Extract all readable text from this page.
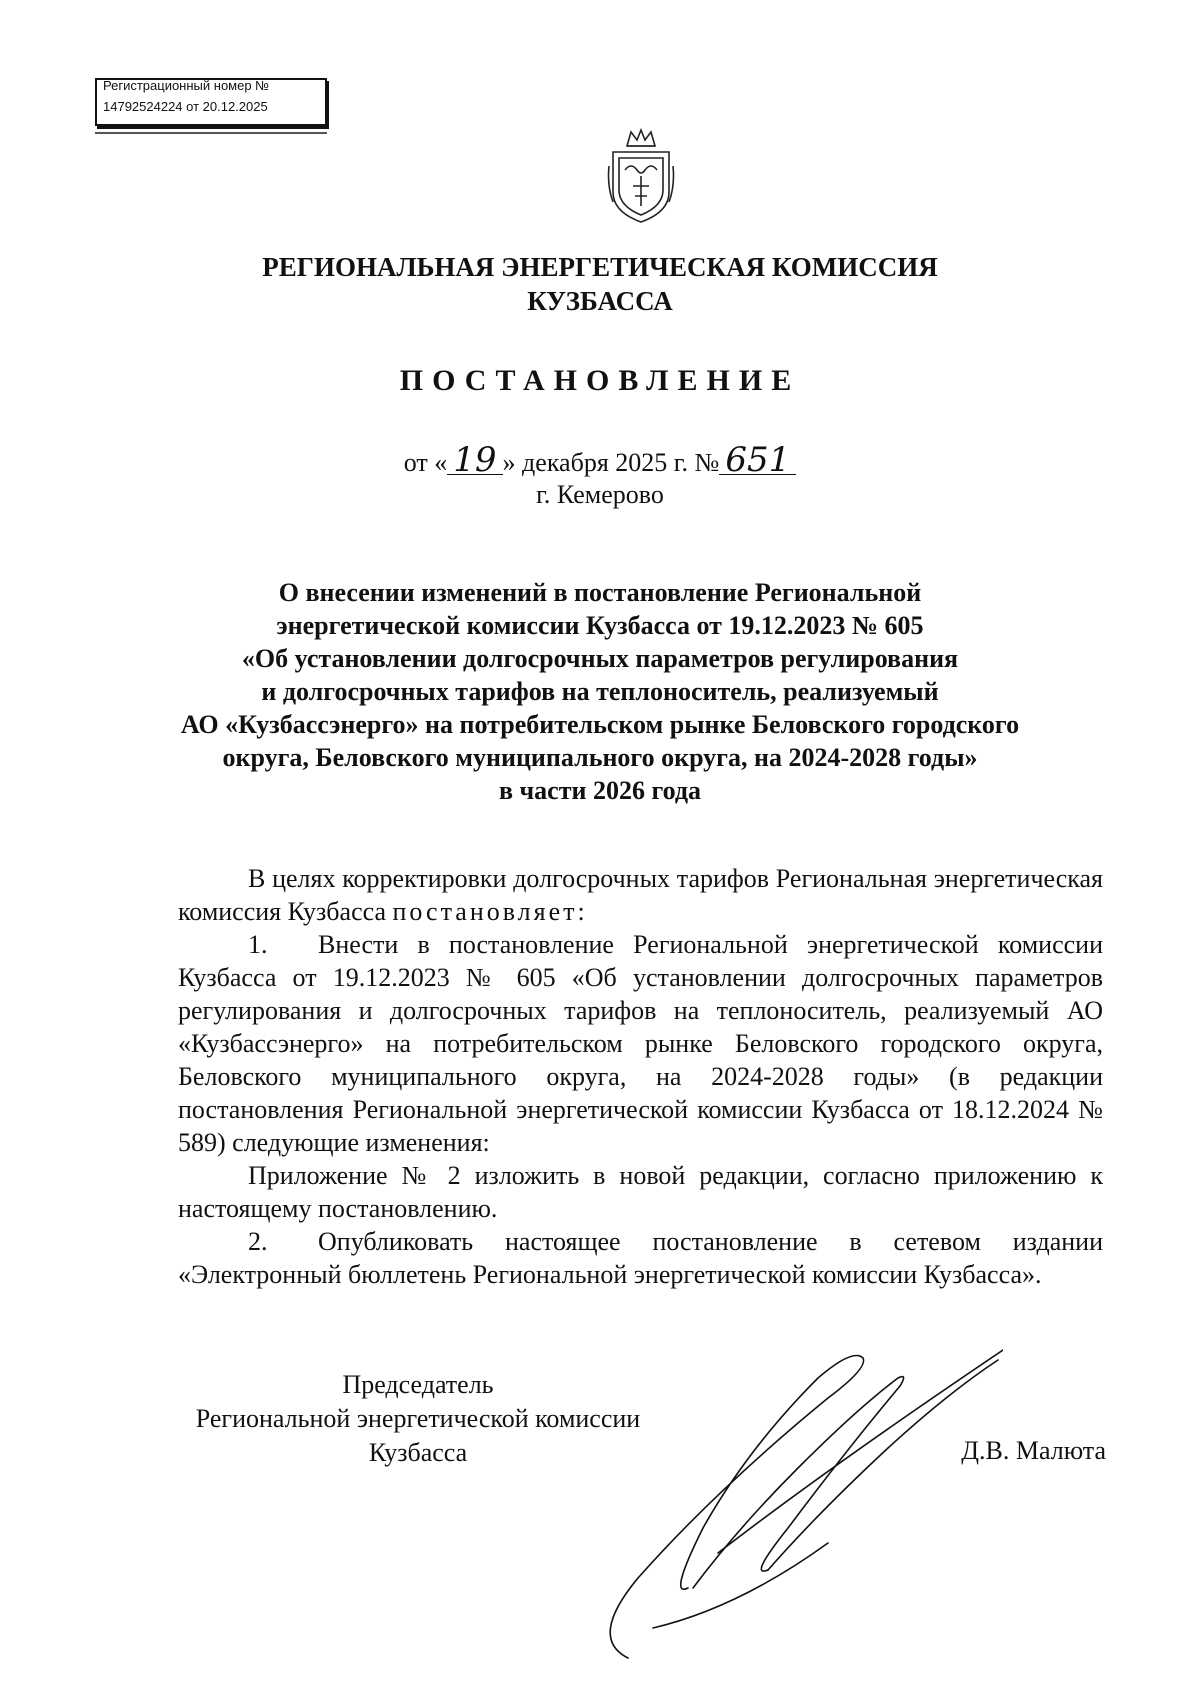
Регистрационный номер №
14792524224 от 20.12.2025
РЕГИОНАЛЬНАЯ ЭНЕРГЕТИЧЕСКАЯ КОМИССИЯ
КУЗБАССА
ПОСТАНОВЛЕНИЕ
от « 19 » декабря 2025 г. № 651
г. Кемерово
О внесении изменений в постановление Региональной
энергетической комиссии Кузбасса от 19.12.2023 № 605
«Об установлении долгосрочных параметров регулирования
и долгосрочных тарифов на теплоноситель, реализуемый
АО «Кузбассэнерго» на потребительском рынке Беловского городского
округа, Беловского муниципального округа, на 2024-2028 годы»
в части 2026 года

В целях корректировки долгосрочных тарифов Региональная энергетическая комиссия Кузбасса постановляет:

1. Внести в постановление Региональной энергетической комиссии Кузбасса от 19.12.2023 № 605 «Об установлении долгосрочных параметров регулирования и долгосрочных тарифов на теплоноситель, реализуемый АО «Кузбассэнерго» на потребительском рынке Беловского городского округа, Беловского муниципального округа, на 2024-2028 годы» (в редакции постановления Региональной энергетической комиссии Кузбасса от 18.12.2024 № 589) следующие изменения:

Приложение № 2 изложить в новой редакции, согласно приложению к настоящему постановлению.

2. Опубликовать настоящее постановление в сетевом издании «Электронный бюллетень Региональной энергетической комиссии Кузбасса».

Председатель
Региональной энергетической комиссии
Кузбасса	Д.В. Малюта
